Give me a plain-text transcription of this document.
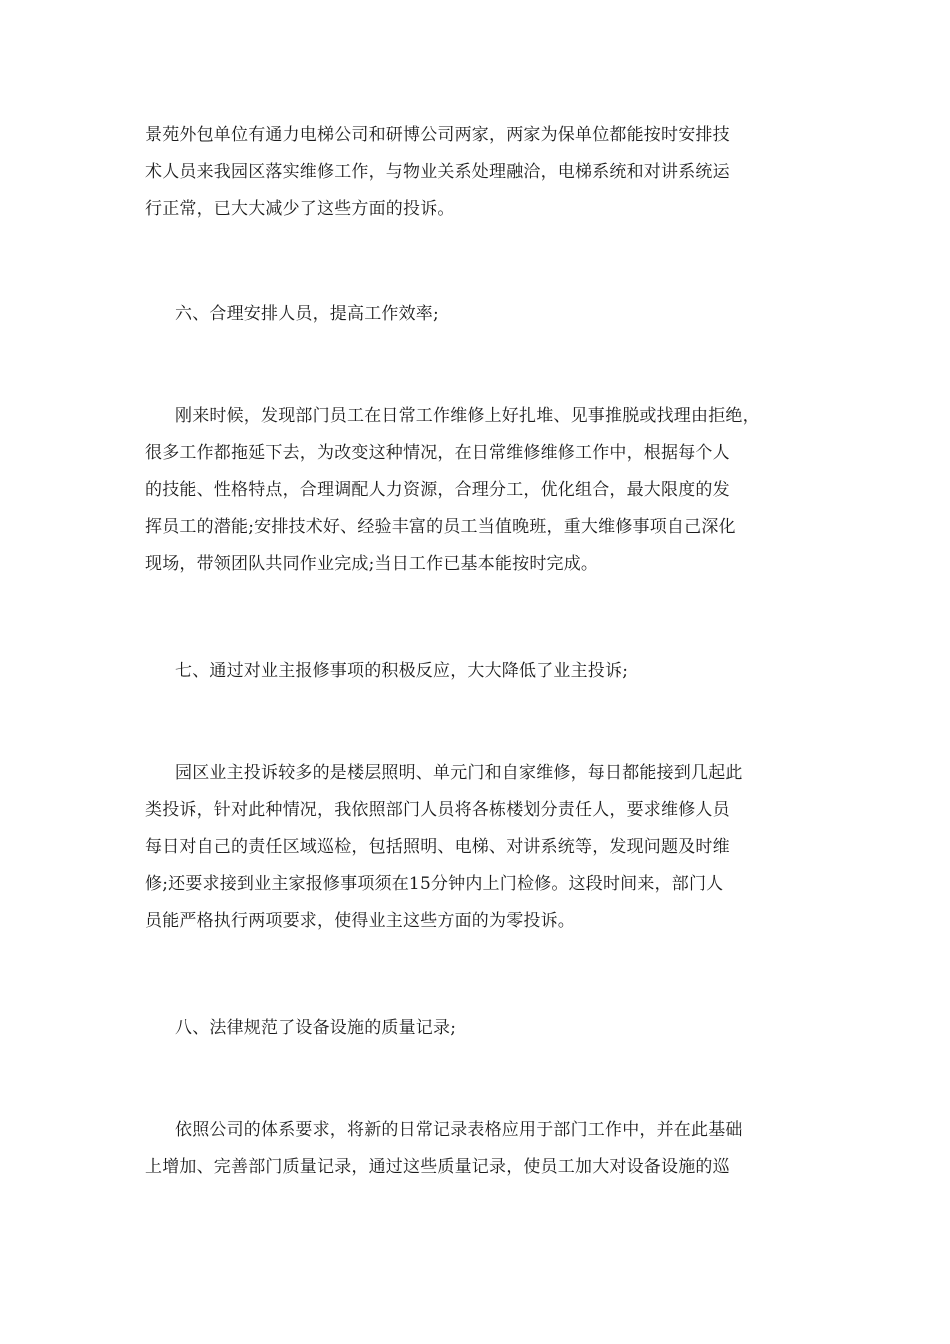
景苑外包单位有通力电梯公司和研博公司两家，两家为保单位都能按时安排技
术人员来我园区落实维修工作，与物业关系处理融洽，电梯系统和对讲系统运
行正常，已大大减少了这些方面的投诉。
六、合理安排人员，提高工作效率;
刚来时候，发现部门员工在日常工作维修上好扎堆、见事推脱或找理由拒绝，
很多工作都拖延下去，为改变这种情况，在日常维修维修工作中，根据每个人
的技能、性格特点，合理调配人力资源，合理分工，优化组合，最大限度的发
挥员工的潜能;安排技术好、经验丰富的员工当值晚班，重大维修事项自己深化
现场，带领团队共同作业完成;当日工作已基本能按时完成。
七、通过对业主报修事项的积极反应，大大降低了业主投诉;
园区业主投诉较多的是楼层照明、单元门和自家维修，每日都能接到几起此
类投诉，针对此种情况，我依照部门人员将各栋楼划分责任人，要求维修人员
每日对自己的责任区域巡检，包括照明、电梯、对讲系统等，发现问题及时维
修;还要求接到业主家报修事项须在15分钟内上门检修。这段时间来，部门人
员能严格执行两项要求，使得业主这些方面的为零投诉。
八、法律规范了设备设施的质量记录;
依照公司的体系要求，将新的日常记录表格应用于部门工作中，并在此基础
上增加、完善部门质量记录，通过这些质量记录，使员工加大对设备设施的巡
